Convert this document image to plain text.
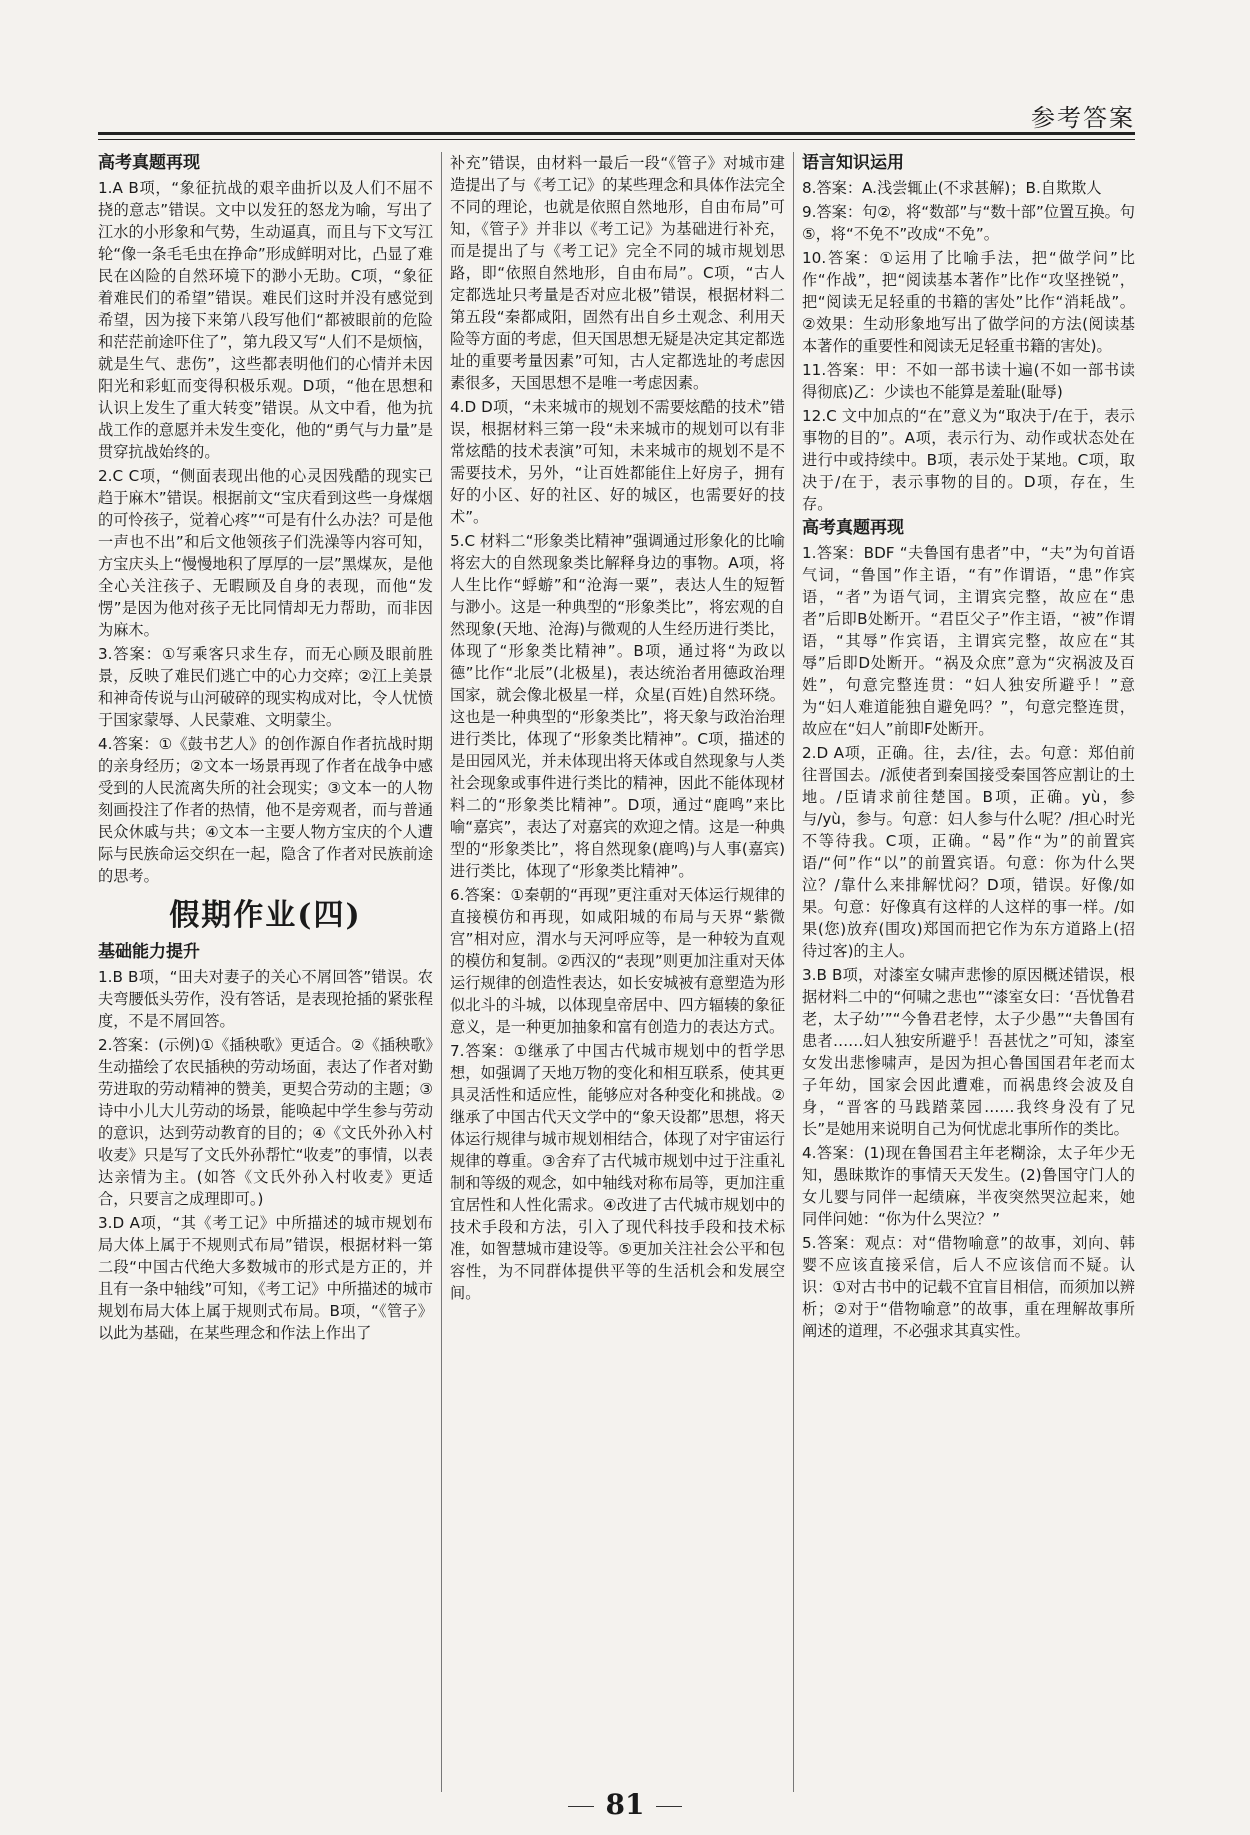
参考答案
高考真题再现

1.A B项，“象征抗战的艰辛曲折以及人们不屈不挠的意志”错误。文中以发狂的怒龙为喻，写出了江水的小形象和气势，生动逼真，而且与下文写江轮“像一条毛毛虫在挣命”形成鲜明对比，凸显了难民在凶险的自然环境下的渺小无助。C项，“象征着难民们的希望”错误。难民们这时并没有感觉到希望，因为接下来第八段写他们“都被眼前的危险和茫茫前途吓住了”，第九段又写“人们不是烦恼，就是生气、悲伤”，这些都表明他们的心情并未因阳光和彩虹而变得积极乐观。D项，“他在思想和认识上发生了重大转变”错误。从文中看，他为抗战工作的意愿并未发生变化，他的“勇气与力量”是贯穿抗战始终的。

2.C C项，“侧面表现出他的心灵因残酷的现实已趋于麻木”错误。根据前文“宝庆看到这些一身煤烟的可怜孩子，觉着心疼”“可是有什么办法？可是他一声也不出”和后文他领孩子们洗澡等内容可知，方宝庆头上“慢慢地积了厚厚的一层”黑煤灰，是他全心关注孩子、无暇顾及自身的表现，而他“发愣”是因为他对孩子无比同情却无力帮助，而非因为麻木。

3.答案：①写乘客只求生存，而无心顾及眼前胜景，反映了难民们逃亡中的心力交瘁；②江上美景和神奇传说与山河破碎的现实构成对比，令人忧愤于国家蒙辱、人民蒙难、文明蒙尘。

4.答案：①《鼓书艺人》的创作源自作者抗战时期的亲身经历；②文本一场景再现了作者在战争中感受到的人民流离失所的社会现实；③文本一的人物刻画投注了作者的热情，他不是旁观者，而与普通民众休戚与共；④文本一主要人物方宝庆的个人遭际与民族命运交织在一起，隐含了作者对民族前途的思考。

假期作业(四)
基础能力提升

1.B B项，“田夫对妻子的关心不屑回答”错误。农夫弯腰低头劳作，没有答话，是表现抢插的紧张程度，不是不屑回答。

2.答案：(示例)①《插秧歌》更适合。②《插秧歌》生动描绘了农民插秧的劳动场面，表达了作者对勤劳进取的劳动精神的赞美，更契合劳动的主题；③诗中小儿大儿劳动的场景，能唤起中学生参与劳动的意识，达到劳动教育的目的；④《文氏外孙入村收麦》只是写了文氏外孙帮忙“收麦”的事情，以表达亲情为主。(如答《文氏外孙入村收麦》更适合，只要言之成理即可。)

3.D A项，“其《考工记》中所描述的城市规划布局大体上属于不规则式布局”错误，根据材料一第二段“中国古代绝大多数城市的形式是方正的，并且有一条中轴线”可知，《考工记》中所描述的城市规划布局大体上属于规则式布局。B项，“《管子》以此为基础，在某些理念和作法上作出了

补充”错误，由材料一最后一段“《管子》对城市建造提出了与《考工记》的某些理念和具体作法完全不同的理论，也就是依照自然地形，自由布局”可知，《管子》并非以《考工记》为基础进行补充，而是提出了与《考工记》完全不同的城市规划思路，即“依照自然地形，自由布局”。C项，“古人定都选址只考量是否对应北极”错误，根据材料二第五段“秦都咸阳，固然有出自乡土观念、利用天险等方面的考虑，但天国思想无疑是决定其定都选址的重要考量因素”可知，古人定都选址的考虑因素很多，天国思想不是唯一考虑因素。

4.D D项，“未来城市的规划不需要炫酷的技术”错误，根据材料三第一段“未来城市的规划可以有非常炫酷的技术表演”可知，未来城市的规划不是不需要技术，另外，“让百姓都能住上好房子，拥有好的小区、好的社区、好的城区，也需要好的技术”。

5.C 材料二“形象类比精神”强调通过形象化的比喻将宏大的自然现象类比解释身边的事物。A项，将人生比作“蜉蝣”和“沧海一粟”，表达人生的短暂与渺小。这是一种典型的“形象类比”，将宏观的自然现象(天地、沧海)与微观的人生经历进行类比，体现了“形象类比精神”。B项，通过将“为政以德”比作“北辰”(北极星)，表达统治者用德政治理国家，就会像北极星一样，众星(百姓)自然环绕。这也是一种典型的“形象类比”，将天象与政治治理进行类比，体现了“形象类比精神”。C项，描述的是田园风光，并未体现出将天体或自然现象与人类社会现象或事件进行类比的精神，因此不能体现材料二的“形象类比精神”。D项，通过“鹿鸣”来比喻“嘉宾”，表达了对嘉宾的欢迎之情。这是一种典型的“形象类比”，将自然现象(鹿鸣)与人事(嘉宾)进行类比，体现了“形象类比精神”。

6.答案：①秦朝的“再现”更注重对天体运行规律的直接模仿和再现，如咸阳城的布局与天界“紫微宫”相对应，渭水与天河呼应等，是一种较为直观的模仿和复制。②西汉的“表现”则更加注重对天体运行规律的创造性表达，如长安城被有意塑造为形似北斗的斗城，以体现皇帝居中、四方辐辏的象征意义，是一种更加抽象和富有创造力的表达方式。

7.答案：①继承了中国古代城市规划中的哲学思想，如强调了天地万物的变化和相互联系，使其更具灵活性和适应性，能够应对各种变化和挑战。②继承了中国古代天文学中的“象天设都”思想，将天体运行规律与城市规划相结合，体现了对宇宙运行规律的尊重。③舍弃了古代城市规划中过于注重礼制和等级的观念，如中轴线对称布局等，更加注重宜居性和人性化需求。④改进了古代城市规划中的技术手段和方法，引入了现代科技手段和技术标准，如智慧城市建设等。⑤更加关注社会公平和包容性，为不同群体提供平等的生活机会和发展空间。

语言知识运用

8.答案：A.浅尝辄止(不求甚解)；B.自欺欺人

9.答案：句②，将“数部”与“数十部”位置互换。句⑤，将“不免不”改成“不免”。

10.答案：①运用了比喻手法，把“做学问”比作“作战”，把“阅读基本著作”比作“攻坚挫锐”，把“阅读无足轻重的书籍的害处”比作“消耗战”。②效果：生动形象地写出了做学问的方法(阅读基本著作的重要性和阅读无足轻重书籍的害处)。

11.答案：甲：不如一部书读十遍(不如一部书读得彻底)乙：少读也不能算是羞耻(耻辱)

12.C 文中加点的“在”意义为“取决于/在于，表示事物的目的”。A项，表示行为、动作或状态处在进行中或持续中。B项，表示处于某地。C项，取决于/在于，表示事物的目的。D项，存在，生存。

高考真题再现

1.答案：BDF “夫鲁国有患者”中，“夫”为句首语气词，“鲁国”作主语，“有”作谓语，“患”作宾语，“者”为语气词，主谓宾完整，故应在“患者”后即B处断开。“君臣父子”作主语，“被”作谓语，“其辱”作宾语，主谓宾完整，故应在“其辱”后即D处断开。“祸及众庶”意为“灾祸波及百姓”，句意完整连贯：“妇人独安所避乎！”意为“妇人难道能独自避免吗？”，句意完整连贯，故应在“妇人”前即F处断开。

2.D A项，正确。往，去/往，去。句意：郑伯前往晋国去。/派使者到秦国接受秦国答应割让的土地。/臣请求前往楚国。B项，正确。yù，参与/yù，参与。句意：妇人参与什么呢？/担心时光不等待我。C项，正确。“曷”作“为”的前置宾语/“何”作“以”的前置宾语。句意：你为什么哭泣？/靠什么来排解忧闷？D项，错误。好像/如果。句意：好像真有这样的人这样的事一样。/如果(您)放弃(围攻)郑国而把它作为东方道路上(招待过客)的主人。

3.B B项，对漆室女啸声悲惨的原因概述错误，根据材料二中的“何啸之悲也”“漆室女曰：‘吾忧鲁君老，太子幼’”“今鲁君老悖，太子少愚”“夫鲁国有患者……妇人独安所避乎！吾甚忧之”可知，漆室女发出悲惨啸声，是因为担心鲁国国君年老而太子年幼，国家会因此遭难，而祸患终会波及自身，“晋客的马践踏菜园……我终身没有了兄长”是她用来说明自己为何忧虑北事所作的类比。

4.答案：(1)现在鲁国君主年老糊涂，太子年少无知，愚昧欺诈的事情天天发生。(2)鲁国守门人的女儿婴与同伴一起绩麻，半夜突然哭泣起来，她同伴问她：“你为什么哭泣？”

5.答案：观点：对“借物喻意”的故事，刘向、韩婴不应该直接采信，后人不应该信而不疑。认识：①对古书中的记载不宜盲目相信，而须加以辨析；②对于“借物喻意”的故事，重在理解故事所阐述的道理，不必强求其真实性。

81
